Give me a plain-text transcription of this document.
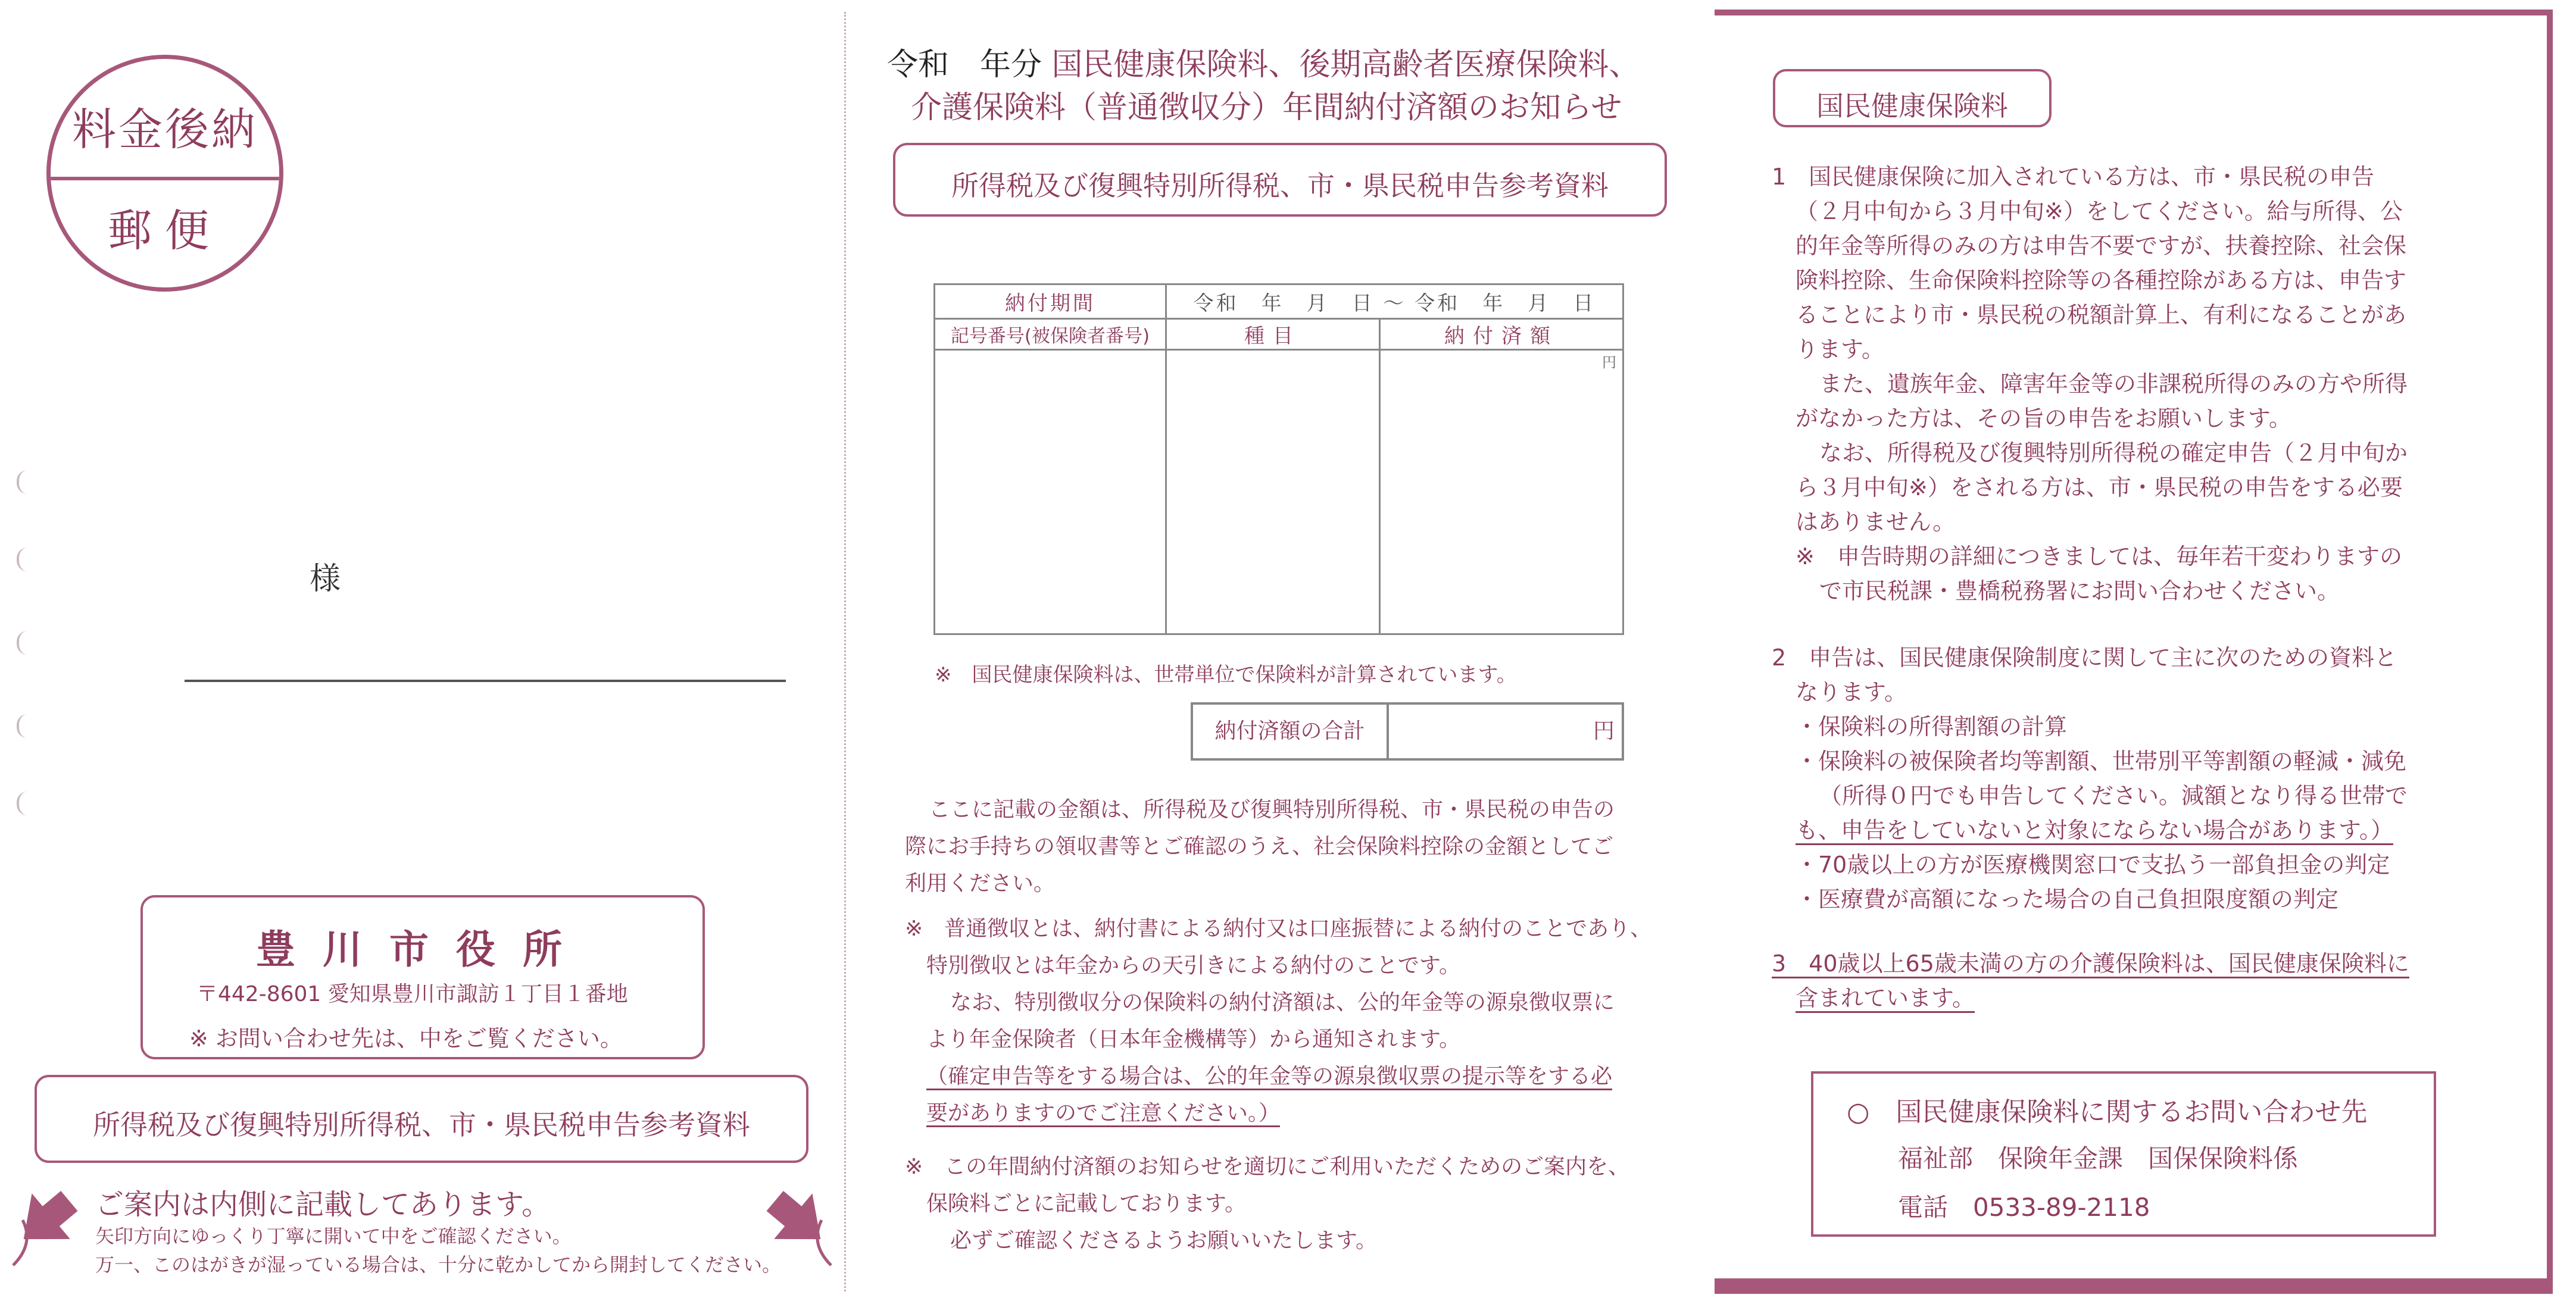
料金後納
郵便
様
豊川市役所
〒442-8601 愛知県豊川市諏訪１丁目１番地
※ お問い合わせ先は、中をご覧ください。
所得税及び復興特別所得税、市・県民税申告参考資料
ご案内は内側に記載してあります。
矢印方向にゆっくり丁寧に開いて中をご確認ください。
万一、このはがきが湿っている場合は、十分に乾かしてから開封してください。
令和　年分 国民健康保険料、後期高齢者医療保険料、
介護保険料（普通徴収分）年間納付済額のお知らせ
所得税及び復興特別所得税、市・県民税申告参考資料
納付期間	令和　年　月　日 ～ 令和　年　月　日	
記号番号(被保険者番号)	種目	納付済額
		円
※　国民健康保険料は、世帯単位で保険料が計算されています。
納付済額の合計	円
ここに記載の金額は、所得税及び復興特別所得税、市・県民税の申告の
際にお手持ちの領収書等とご確認のうえ、社会保険料控除の金額としてご
利用ください。
※　普通徴収とは、納付書による納付又は口座振替による納付のことであり、
特別徴収とは年金からの天引きによる納付のことです。
なお、特別徴収分の保険料の納付済額は、公的年金等の源泉徴収票に
より年金保険者（日本年金機構等）から通知されます。
（確定申告等をする場合は、公的年金等の源泉徴収票の提示等をする必
要がありますのでご注意ください。）
※　この年間納付済額のお知らせを適切にご利用いただくためのご案内を、
保険料ごとに記載しております。
必ずご確認くださるようお願いいたします。
国民健康保険料
1　国民健康保険に加入されている方は、市・県民税の申告
（２月中旬から３月中旬※）をしてください。給与所得、公
的年金等所得のみの方は申告不要ですが、扶養控除、社会保
険料控除、生命保険料控除等の各種控除がある方は、申告す
ることにより市・県民税の税額計算上、有利になることがあ
ります。
また、遺族年金、障害年金等の非課税所得のみの方や所得
がなかった方は、その旨の申告をお願いします。
なお、所得税及び復興特別所得税の確定申告（２月中旬か
ら３月中旬※）をされる方は、市・県民税の申告をする必要
はありません。
※　申告時期の詳細につきましては、毎年若干変わりますの
で市民税課・豊橋税務署にお問い合わせください。
2　申告は、国民健康保険制度に関して主に次のための資料と
なります。
・保険料の所得割額の計算
・保険料の被保険者均等割額、世帯別平等割額の軽減・減免
（所得０円でも申告してください。減額となり得る世帯で
も、申告をしていないと対象にならない場合があります。）
・70歳以上の方が医療機関窓口で支払う一部負担金の判定
・医療費が高額になった場合の自己負担限度額の判定
3　40歳以上65歳未満の方の介護保険料は、国民健康保険料に
含まれています。
○　国民健康保険料に関するお問い合わせ先
福祉部　保険年金課　国保保険料係
電話　0533-89-2118
